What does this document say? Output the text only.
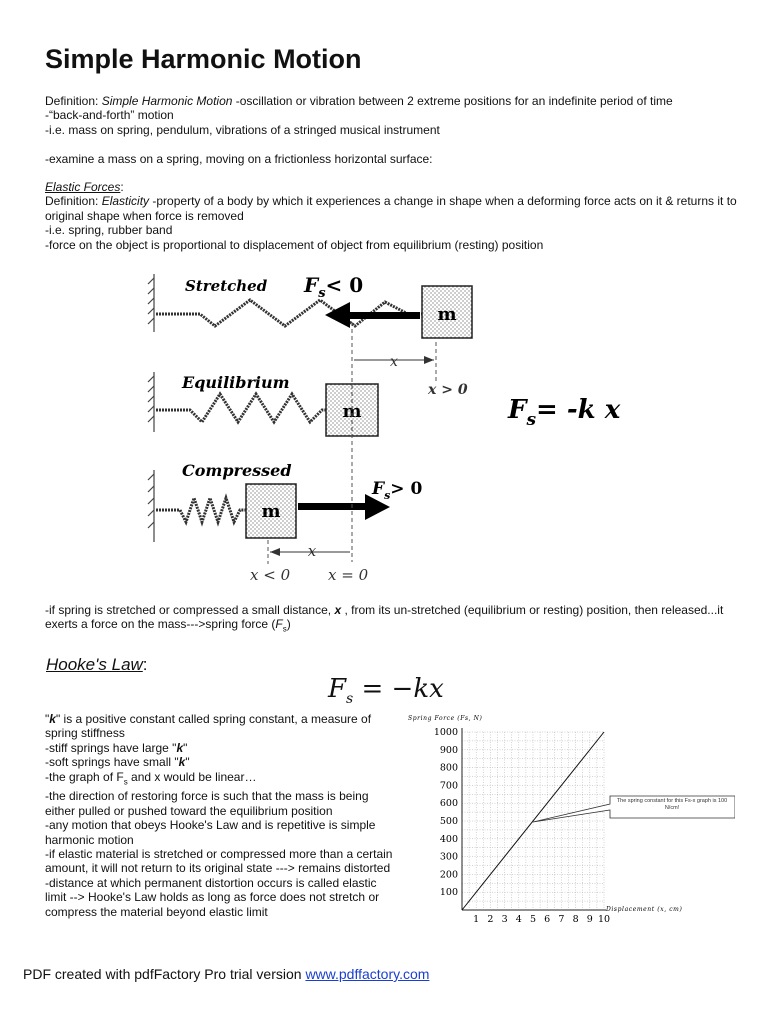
Simple Harmonic Motion
Definition: Simple Harmonic Motion -oscillation or vibration between 2 extreme positions for an indefinite period of time
-“back-and-forth” motion
-i.e. mass on spring, pendulum, vibrations of a stringed musical instrument

-examine a mass on a spring, moving on a frictionless horizontal surface:
Elastic Forces:
Definition: Elasticity -property of a body by which it experiences a change in shape when a deforming force acts on it & returns it to original shape when force is removed
-i.e. spring, rubber band
-force on the object is proportional to displacement of object from equilibrium (resting) position
m
m
m
Stretched
Equilibrium
Compressed
$F_s< 0$
$F_s> 0$
x
x > 0
x
x < 0	x = 0
$F_s= -k$ x
-if spring is stretched or compressed a small distance, x , from its un-stretched (equilibrium or resting) position, then released...it exerts a force on the mass--->spring force $(F_s)$
Hooke's Law:
$F_s = -kx$
"k" is a positive constant called spring constant, a measure of spring stiffness
-stiff springs have large "k"
-soft springs have small "k"
-the graph of $F_s$ and x would be linear…
-the direction of restoring force is such that the mass is being either pulled or pushed toward the equilibrium position
-any motion that obeys Hooke's Law and is repetitive is simple harmonic motion
-if elastic material is stretched or compressed more than a certain amount, it will not return to its original state ---> remains distorted
-distance at which permanent distortion occurs is called elastic limit --> Hooke's Law holds as long as force does not stretch or compress the material beyond elastic limit
100
200
300
400
500
600
700
800
900
1000
1 2 3 4 5 6 7 8 9 10
Spring Force (Fs, N)
Displacement (x, cm)
The spring constant for this Fs-x graph is 100 N/cm!
PDF created with pdfFactory Pro trial version www.pdffactory.com
